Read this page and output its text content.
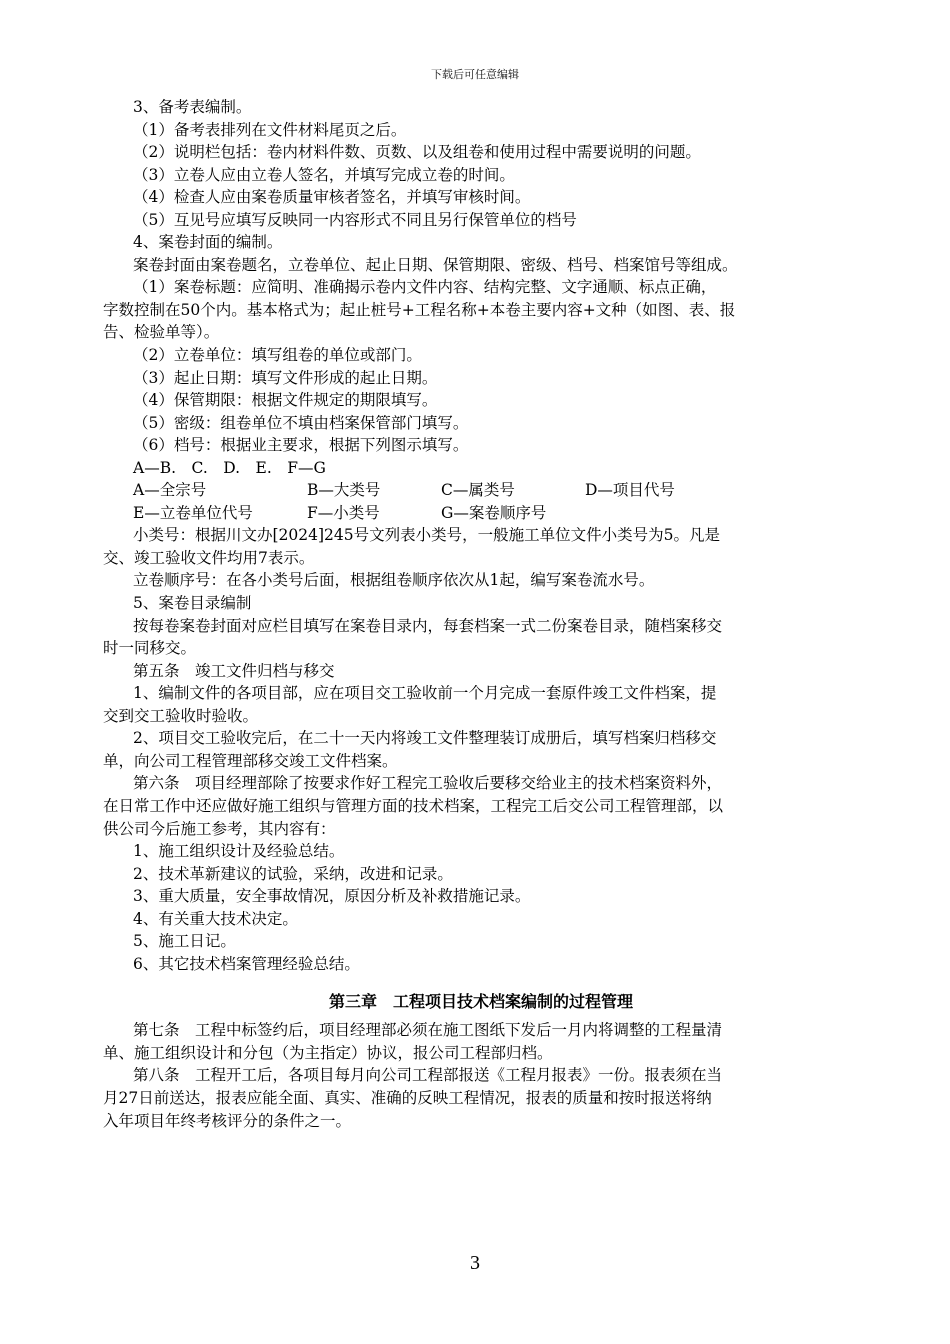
下载后可任意编辑
3、备考表编制。
（1）备考表排列在文件材料尾页之后。
（2）说明栏包括：卷内材料件数、页数、以及组卷和使用过程中需要说明的问题。
（3）立卷人应由立卷人签名，并填写完成立卷的时间。
（4）检查人应由案卷质量审核者签名，并填写审核时间。
（5）互见号应填写反映同一内容形式不同且另行保管单位的档号
4、案卷封面的编制。
案卷封面由案卷题名，立卷单位、起止日期、保管期限、密级、档号、档案馆号等组成。
（1）案卷标题：应简明、准确揭示卷内文件内容、结构完整、文字通顺、标点正确，
字数控制在50个内。基本格式为；起止桩号+工程名称+本卷主要内容+文种（如图、表、报
告、检验单等）。
（2）立卷单位：填写组卷的单位或部门。
（3）起止日期：填写文件形成的起止日期。
（4）保管期限：根据文件规定的期限填写。
（5）密级：组卷单位不填由档案保管部门填写。
（6）档号：根据业主要求，根据下列图示填写。
A—B.　C.　D.　E.　F—G
A—全宗号	B—大类号	C—属类号	D—项目代号
E—立卷单位代号	F—小类号	G—案卷顺序号
小类号：根据川文办[2024]245号文列表小类号，一般施工单位文件小类号为5。凡是
交、竣工验收文件均用7表示。
立卷顺序号：在各小类号后面，根据组卷顺序依次从1起，编写案卷流水号。
5、案卷目录编制
按每卷案卷封面对应栏目填写在案卷目录内，每套档案一式二份案卷目录，随档案移交
时一同移交。
第五条　竣工文件归档与移交
1、编制文件的各项目部，应在项目交工验收前一个月完成一套原件竣工文件档案，提
交到交工验收时验收。
2、项目交工验收完后，在二十一天内将竣工文件整理装订成册后，填写档案归档移交
单，向公司工程管理部移交竣工文件档案。
第六条　项目经理部除了按要求作好工程完工验收后要移交给业主的技术档案资料外，
在日常工作中还应做好施工组织与管理方面的技术档案，工程完工后交公司工程管理部，以
供公司今后施工参考，其内容有：
1、施工组织设计及经验总结。
2、技术革新建议的试验，采纳，改进和记录。
3、重大质量，安全事故情况，原因分析及补救措施记录。
4、有关重大技术决定。
5、施工日记。
6、其它技术档案管理经验总结。
第三章　工程项目技术档案编制的过程管理
第七条　工程中标签约后，项目经理部必须在施工图纸下发后一月内将调整的工程量清
单、施工组织设计和分包（为主指定）协议，报公司工程部归档。
第八条　工程开工后，各项目每月向公司工程部报送《工程月报表》一份。报表须在当
月27日前送达，报表应能全面、真实、准确的反映工程情况，报表的质量和按时报送将纳
入年项目年终考核评分的条件之一。
3
